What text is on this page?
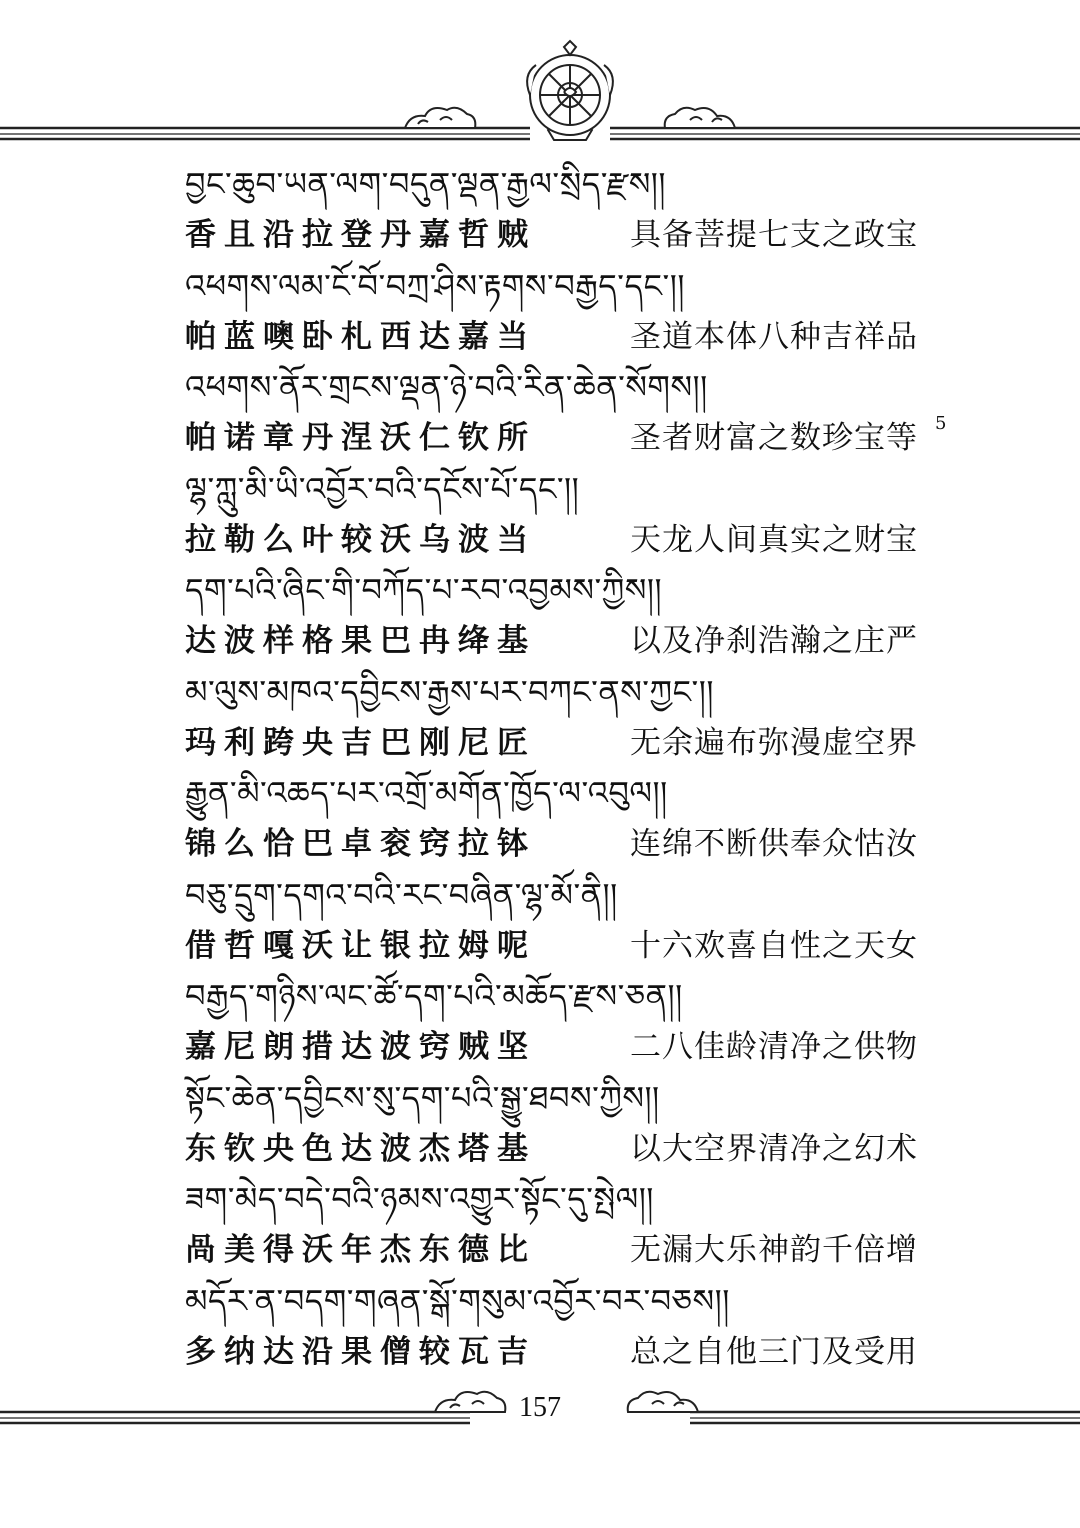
བྱང་ཆུབ་ཡན་ལག་བདུན་ལྡན་རྒྱལ་སྲིད་རྫས།།
香且沿拉登丹嘉哲贼	具备菩提七支之政宝
འཕགས་ལམ་ངོ་བོ་བཀྲ་ཤིས་རྟགས་བརྒྱད་དང་།།
帕蓝噢卧札西达嘉当	圣道本体八种吉祥品
འཕགས་ནོར་གྲངས་ལྡན་ཉེ་བའི་རིན་ཆེན་སོགས།།
帕诺章丹涅沃仁钦所	圣者财富之数珍宝等 5
ལྷ་ཀླུ་མི་ཡི་འབྱོར་བའི་དངོས་པོ་དང་།།
拉勒么叶较沃乌波当	天龙人间真实之财宝
དག་པའི་ཞིང་གི་བཀོད་པ་རབ་འབྱམས་ཀྱིས།།
达波样格果巴冉绛基	以及净刹浩瀚之庄严
མ་ལུས་མཁའ་དབྱིངས་རྒྱས་པར་བཀང་ནས་ཀྱང་།།
玛利跨央吉巴刚尼匠	无余遍布弥漫虚空界
རྒྱུན་མི་འཆད་པར་འགྲོ་མགོན་ཁྱོད་ལ་འབུལ།།
锦么恰巴卓衮窍拉钵	连绵不断供奉众怙汝
བཅུ་དྲུག་དགའ་བའི་རང་བཞིན་ལྷ་མོ་ནི།།
借哲嘎沃让银拉姆呢	十六欢喜自性之天女
བརྒྱད་གཉིས་ལང་ཚོ་དག་པའི་མཆོད་རྫས་ཅན།།
嘉尼朗措达波窍贼坚	二八佳龄清净之供物
སྟོང་ཆེན་དབྱིངས་སུ་དག་པའི་སྒྱུ་ཐབས་ཀྱིས།།
东钦央色达波杰塔基	以大空界清净之幻术
ཟག་མེད་བདེ་བའི་ཉམས་འགྱུར་སྟོང་དུ་སྤེལ།།
咼美得沃年杰东德比	无漏大乐神韵千倍增
མདོར་ན་བདག་གཞན་སྒོ་གསུམ་འབྱོར་བར་བཅས།།
多纳达沿果僧较瓦吉	总之自他三门及受用
157
